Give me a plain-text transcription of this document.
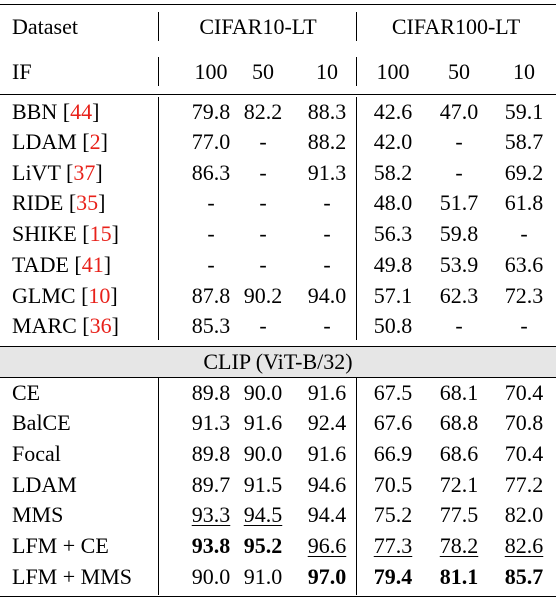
Dataset	CIFAR10-LT	CIFAR100-LT
IF	100	50	10	100	50	10
BBN [44]	79.8 82.2	88.3	42.6	47.0	59.1
LDAM [2]	77.0	-	88.2	42.0	-	58.7
LiVT [37]	86.3	-	91.3	58.2	-	69.2
RIDE [35]	-	-	-	48.0	51.7	61.8
SHIKE [15]	-	-	-	56.3	59.8	-
TADE [41]	-	-	-	49.8	53.9	63.6
GLMC [10]	87.8 90.2	94.0	57.1	62.3	72.3
MARC [36]	85.3	-	-	50.8	-	-
CLIP (ViT-B/32)
CE	89.8 90.0	91.6	67.5	68.1	70.4
BalCE	91.3 91.6	92.4	67.6	68.8	70.8
Focal	89.8 90.0	91.6	66.9	68.6	70.4
LDAM	89.7 91.5	94.6	70.5	72.1	77.2
MMS	93.3 94.5	94.4	75.2	77.5	82.0
LFM + CE	93.8 95.2	96.6	77.3	78.2	82.6
LFM + MMS	90.0 91.0	97.0	79.4	81.1	85.7
